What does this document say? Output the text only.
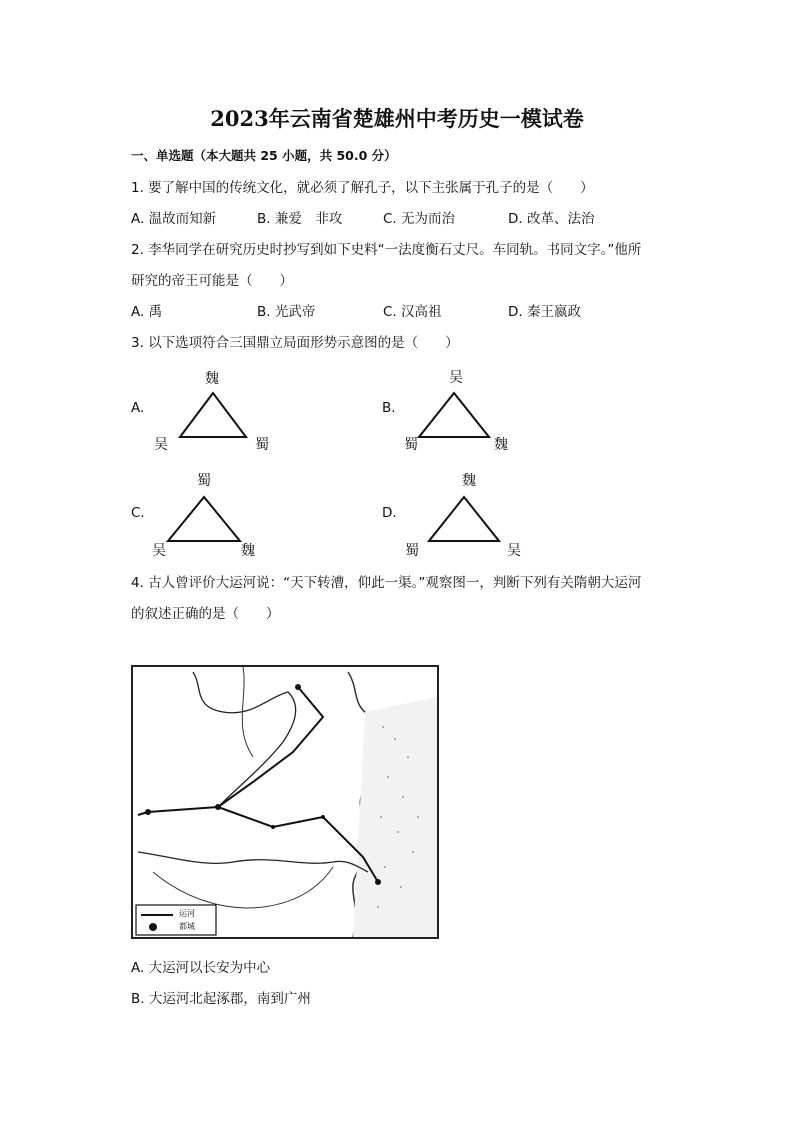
2023年云南省楚雄州中考历史一模试卷
一、单选题（本大题共 25 小题，共 50.0 分）
1. 要了解中国的传统文化，就必须了解孔子，以下主张属于孔子的是（　　）
A. 温故而知新	B. 兼爱　非攻	C. 无为而治	D. 改革、法治
2. 李华同学在研究历史时抄写到如下史料“一法度衡石丈尺。车同轨。书同文字。”他所
研究的帝王可能是（　　）
A. 禹	B. 光武帝	C. 汉高祖	D. 秦王嬴政
3. 以下选项符合三国鼎立局面形势示意图的是（　　）
A.
魏
吴	蜀
B.
吴
蜀	魏
C.
蜀
吴	魏
D.
魏
蜀	吴
4. 古人曾评价大运河说：“天下转漕，仰此一渠。”观察图一，判断下列有关隋朝大运河
的叙述正确的是（　　）
运河
都城
A. 大运河以长安为中心
B. 大运河北起涿郡，南到广州
